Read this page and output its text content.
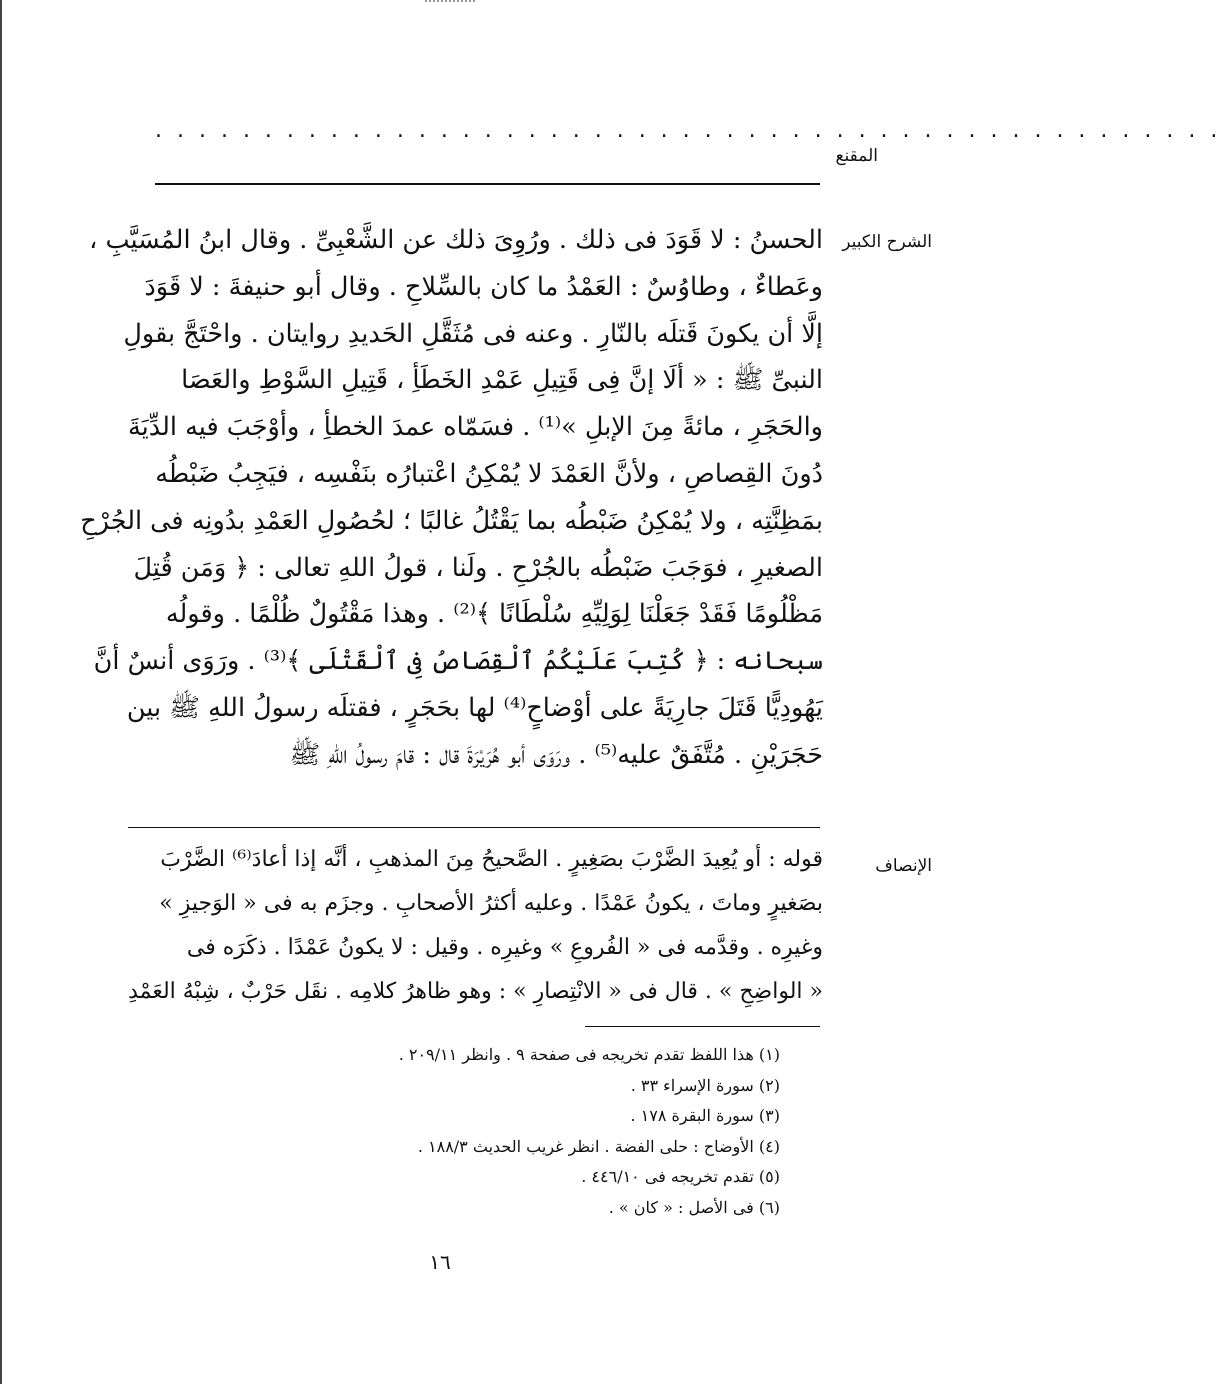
المقنع
. . . . . . . . . . . . . . . . . . . . . . . . . . . . . . . . . . . . . . . . . . . . . . . . .
الشرح الكبير
الحسنُ : لا قَوَدَ فى ذلك . ورُوِىَ ذلك عن الشَّعْبِىِّ . وقال ابنُ المُسَيَّبِ ،
وعَطاءٌ ، وطاوُسٌ : العَمْدُ ما كان بالسِّلاحِ . وقال أبو حنيفةَ : لا قَوَدَ
إلَّا أن يكونَ قَتلَه بالنّارِ . وعنه فى مُثَقَّلِ الحَديدِ روايتان . واحْتَجَّ بقولِ
النبىِّ ﷺ : « ألَا إنَّ فِى قَتِيلِ عَمْدِ الخَطَأِ ، قَتِيلِ السَّوْطِ والعَصَا
والحَجَرِ ، مائةً مِنَ الإبلِ »⁽¹⁾ . فسَمّاه عمدَ الخطأِ ، وأوْجَبَ فيه الدِّيَةَ
دُونَ القِصاصِ ، ولأنَّ العَمْدَ لا يُمْكِنُ اعْتبارُه بنَفْسِه ، فيَجِبُ ضَبْطُه
بمَظِنَّتِه ، ولا يُمْكِنُ ضَبْطُه بما يَقْتُلُ غالبًا ؛ لحُصُولِ العَمْدِ بدُونِه فى الجُرْحِ
الصغيرِ ، فوَجَبَ ضَبْطُه بالجُرْحِ . ولَنا ، قولُ اللهِ تعالى : ﴿ وَمَن قُتِلَ
مَظْلُومًا فَقَدْ جَعَلْنَا لِوَلِيِّهِ سُلْطَانًا ﴾⁽²⁾ . وهذا مَقْتُولٌ ظُلْمًا . وقولُه
سبحانه : ﴿ كُتِبَ عَلَيْكُمُ ٱلْقِصَاصُ فِى ٱلْقَتْلَى ﴾⁽³⁾ . ورَوَى أنسٌ أنَّ
يَهُودِيًّا قَتَلَ جارِيَةً على أوْضاحٍ⁽⁴⁾ لها بحَجَرٍ ، فقتلَه رسولُ اللهِ ﷺ بين
حَجَرَيْنِ . مُتَّفَقٌ عليه⁽⁵⁾ . ورَوَى أبو هُرَيْرَةَ قال : قامَ رسولُ اللهِ ﷺ
الإنصاف
قوله : أو يُعِيدَ الضَّرْبَ بصَغِيرٍ . الصَّحيحُ مِنَ المذهبِ ، أنَّه إذا أعادَ⁽⁶⁾ الضَّرْبَ
بصَغيرٍ وماتَ ، يكونُ عَمْدًا . وعليه أكثرُ الأصحابِ . وجزَم به فى « الوَجيزِ »
وغيرِه . وقدَّمه فى « الفُروعِ » وغيرِه . وقيل : لا يكونُ عَمْدًا . ذكَرَه فى
« الواضِحِ » . قال فى « الانْتِصارِ » : وهو ظاهرُ كلامِه . نقَل حَرْبٌ ، شِبْهُ العَمْدِ
(١) هذا اللفظ تقدم تخريجه فى صفحة ٩ . وانظر ٢٠٩/١١ .
(٢) سورة الإسراء ٣٣ .
(٣) سورة البقرة ١٧٨ .
(٤) الأوضاح : حلى الفضة . انظر غريب الحديث ١٨٨/٣ .
(٥) تقدم تخريجه فى ٤٤٦/١٠ .
(٦) فى الأصل : « كان » .
١٦
